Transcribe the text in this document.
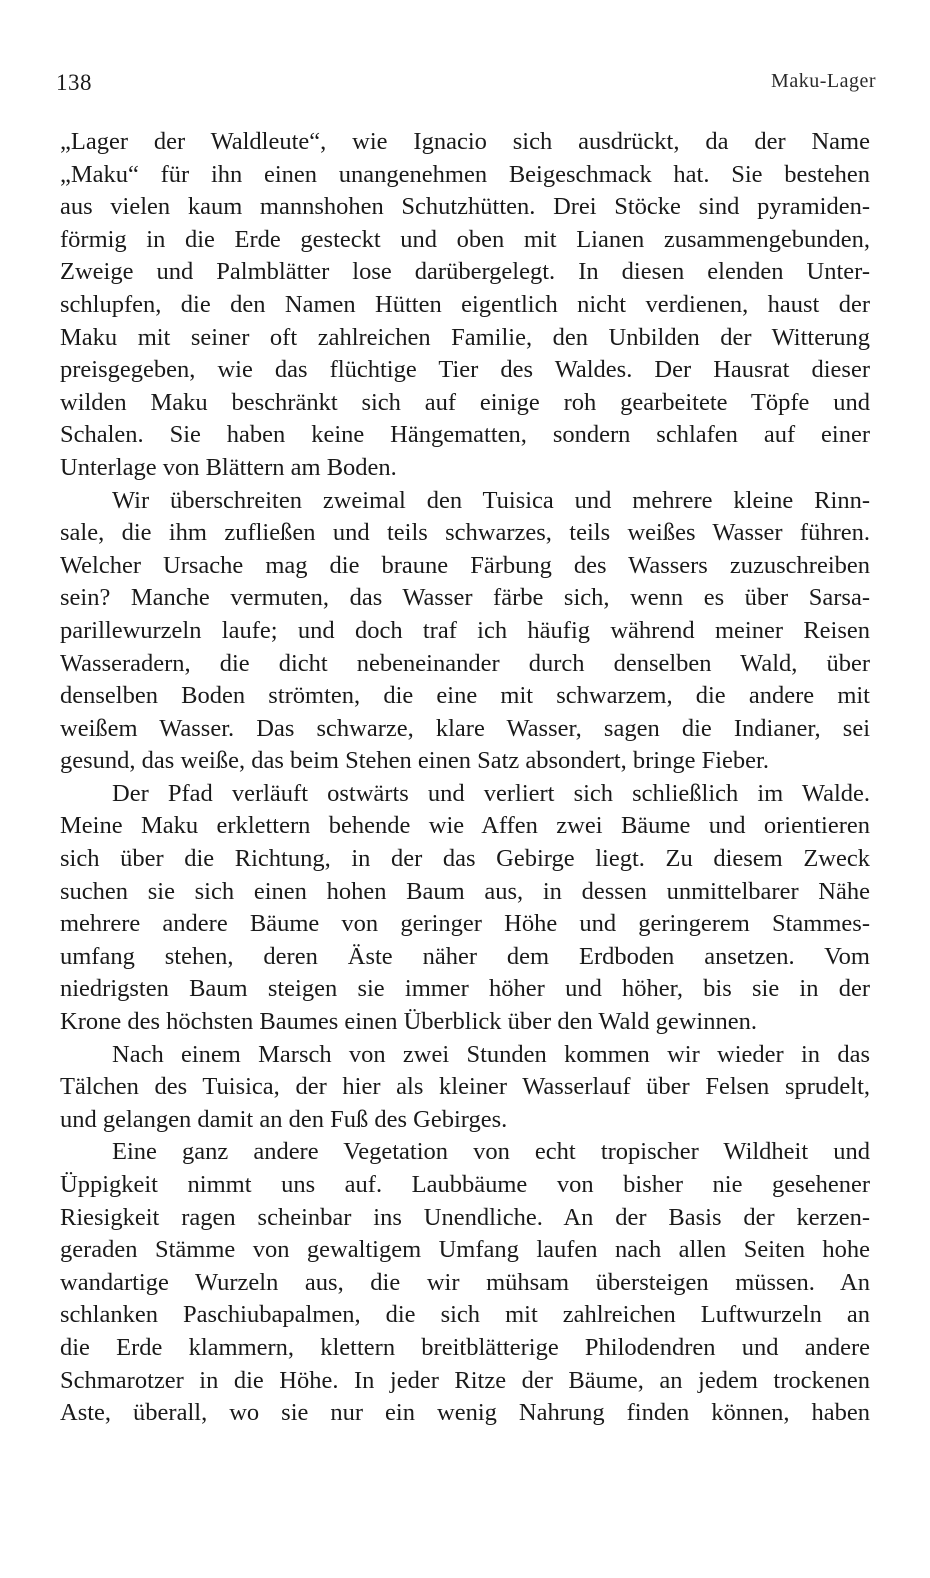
138	Maku-Lager
„Lager der Waldleute“, wie Ignacio sich ausdrückt, da der Name
„Maku“ für ihn einen unangenehmen Beigeschmack hat. Sie bestehen
aus vielen kaum mannshohen Schutzhütten. Drei Stöcke sind pyramiden-
förmig in die Erde gesteckt und oben mit Lianen zusammengebunden,
Zweige und Palmblätter lose darübergelegt. In diesen elenden Unter-
schlupfen, die den Namen Hütten eigentlich nicht verdienen, haust der
Maku mit seiner oft zahlreichen Familie, den Unbilden der Witterung
preisgegeben, wie das flüchtige Tier des Waldes. Der Hausrat dieser
wilden Maku beschränkt sich auf einige roh gearbeitete Töpfe und
Schalen. Sie haben keine Hängematten, sondern schlafen auf einer
Unterlage von Blättern am Boden.
Wir überschreiten zweimal den Tuisica und mehrere kleine Rinn-
sale, die ihm zufließen und teils schwarzes, teils weißes Wasser führen.
Welcher Ursache mag die braune Färbung des Wassers zuzuschreiben
sein? Manche vermuten, das Wasser färbe sich, wenn es über Sarsa-
parillewurzeln laufe; und doch traf ich häufig während meiner Reisen
Wasseradern, die dicht nebeneinander durch denselben Wald, über
denselben Boden strömten, die eine mit schwarzem, die andere mit
weißem Wasser. Das schwarze, klare Wasser, sagen die Indianer, sei
gesund, das weiße, das beim Stehen einen Satz absondert, bringe Fieber.
Der Pfad verläuft ostwärts und verliert sich schließlich im Walde.
Meine Maku erklettern behende wie Affen zwei Bäume und orientieren
sich über die Richtung, in der das Gebirge liegt. Zu diesem Zweck
suchen sie sich einen hohen Baum aus, in dessen unmittelbarer Nähe
mehrere andere Bäume von geringer Höhe und geringerem Stammes-
umfang stehen, deren Äste näher dem Erdboden ansetzen. Vom
niedrigsten Baum steigen sie immer höher und höher, bis sie in der
Krone des höchsten Baumes einen Überblick über den Wald gewinnen.
Nach einem Marsch von zwei Stunden kommen wir wieder in das
Tälchen des Tuisica, der hier als kleiner Wasserlauf über Felsen sprudelt,
und gelangen damit an den Fuß des Gebirges.
Eine ganz andere Vegetation von echt tropischer Wildheit und
Üppigkeit nimmt uns auf. Laubbäume von bisher nie gesehener
Riesigkeit ragen scheinbar ins Unendliche. An der Basis der kerzen-
geraden Stämme von gewaltigem Umfang laufen nach allen Seiten hohe
wandartige Wurzeln aus, die wir mühsam übersteigen müssen. An
schlanken Paschiubapalmen, die sich mit zahlreichen Luftwurzeln an
die Erde klammern, klettern breitblätterige Philodendren und andere
Schmarotzer in die Höhe. In jeder Ritze der Bäume, an jedem trockenen
Aste, überall, wo sie nur ein wenig Nahrung finden können, haben
